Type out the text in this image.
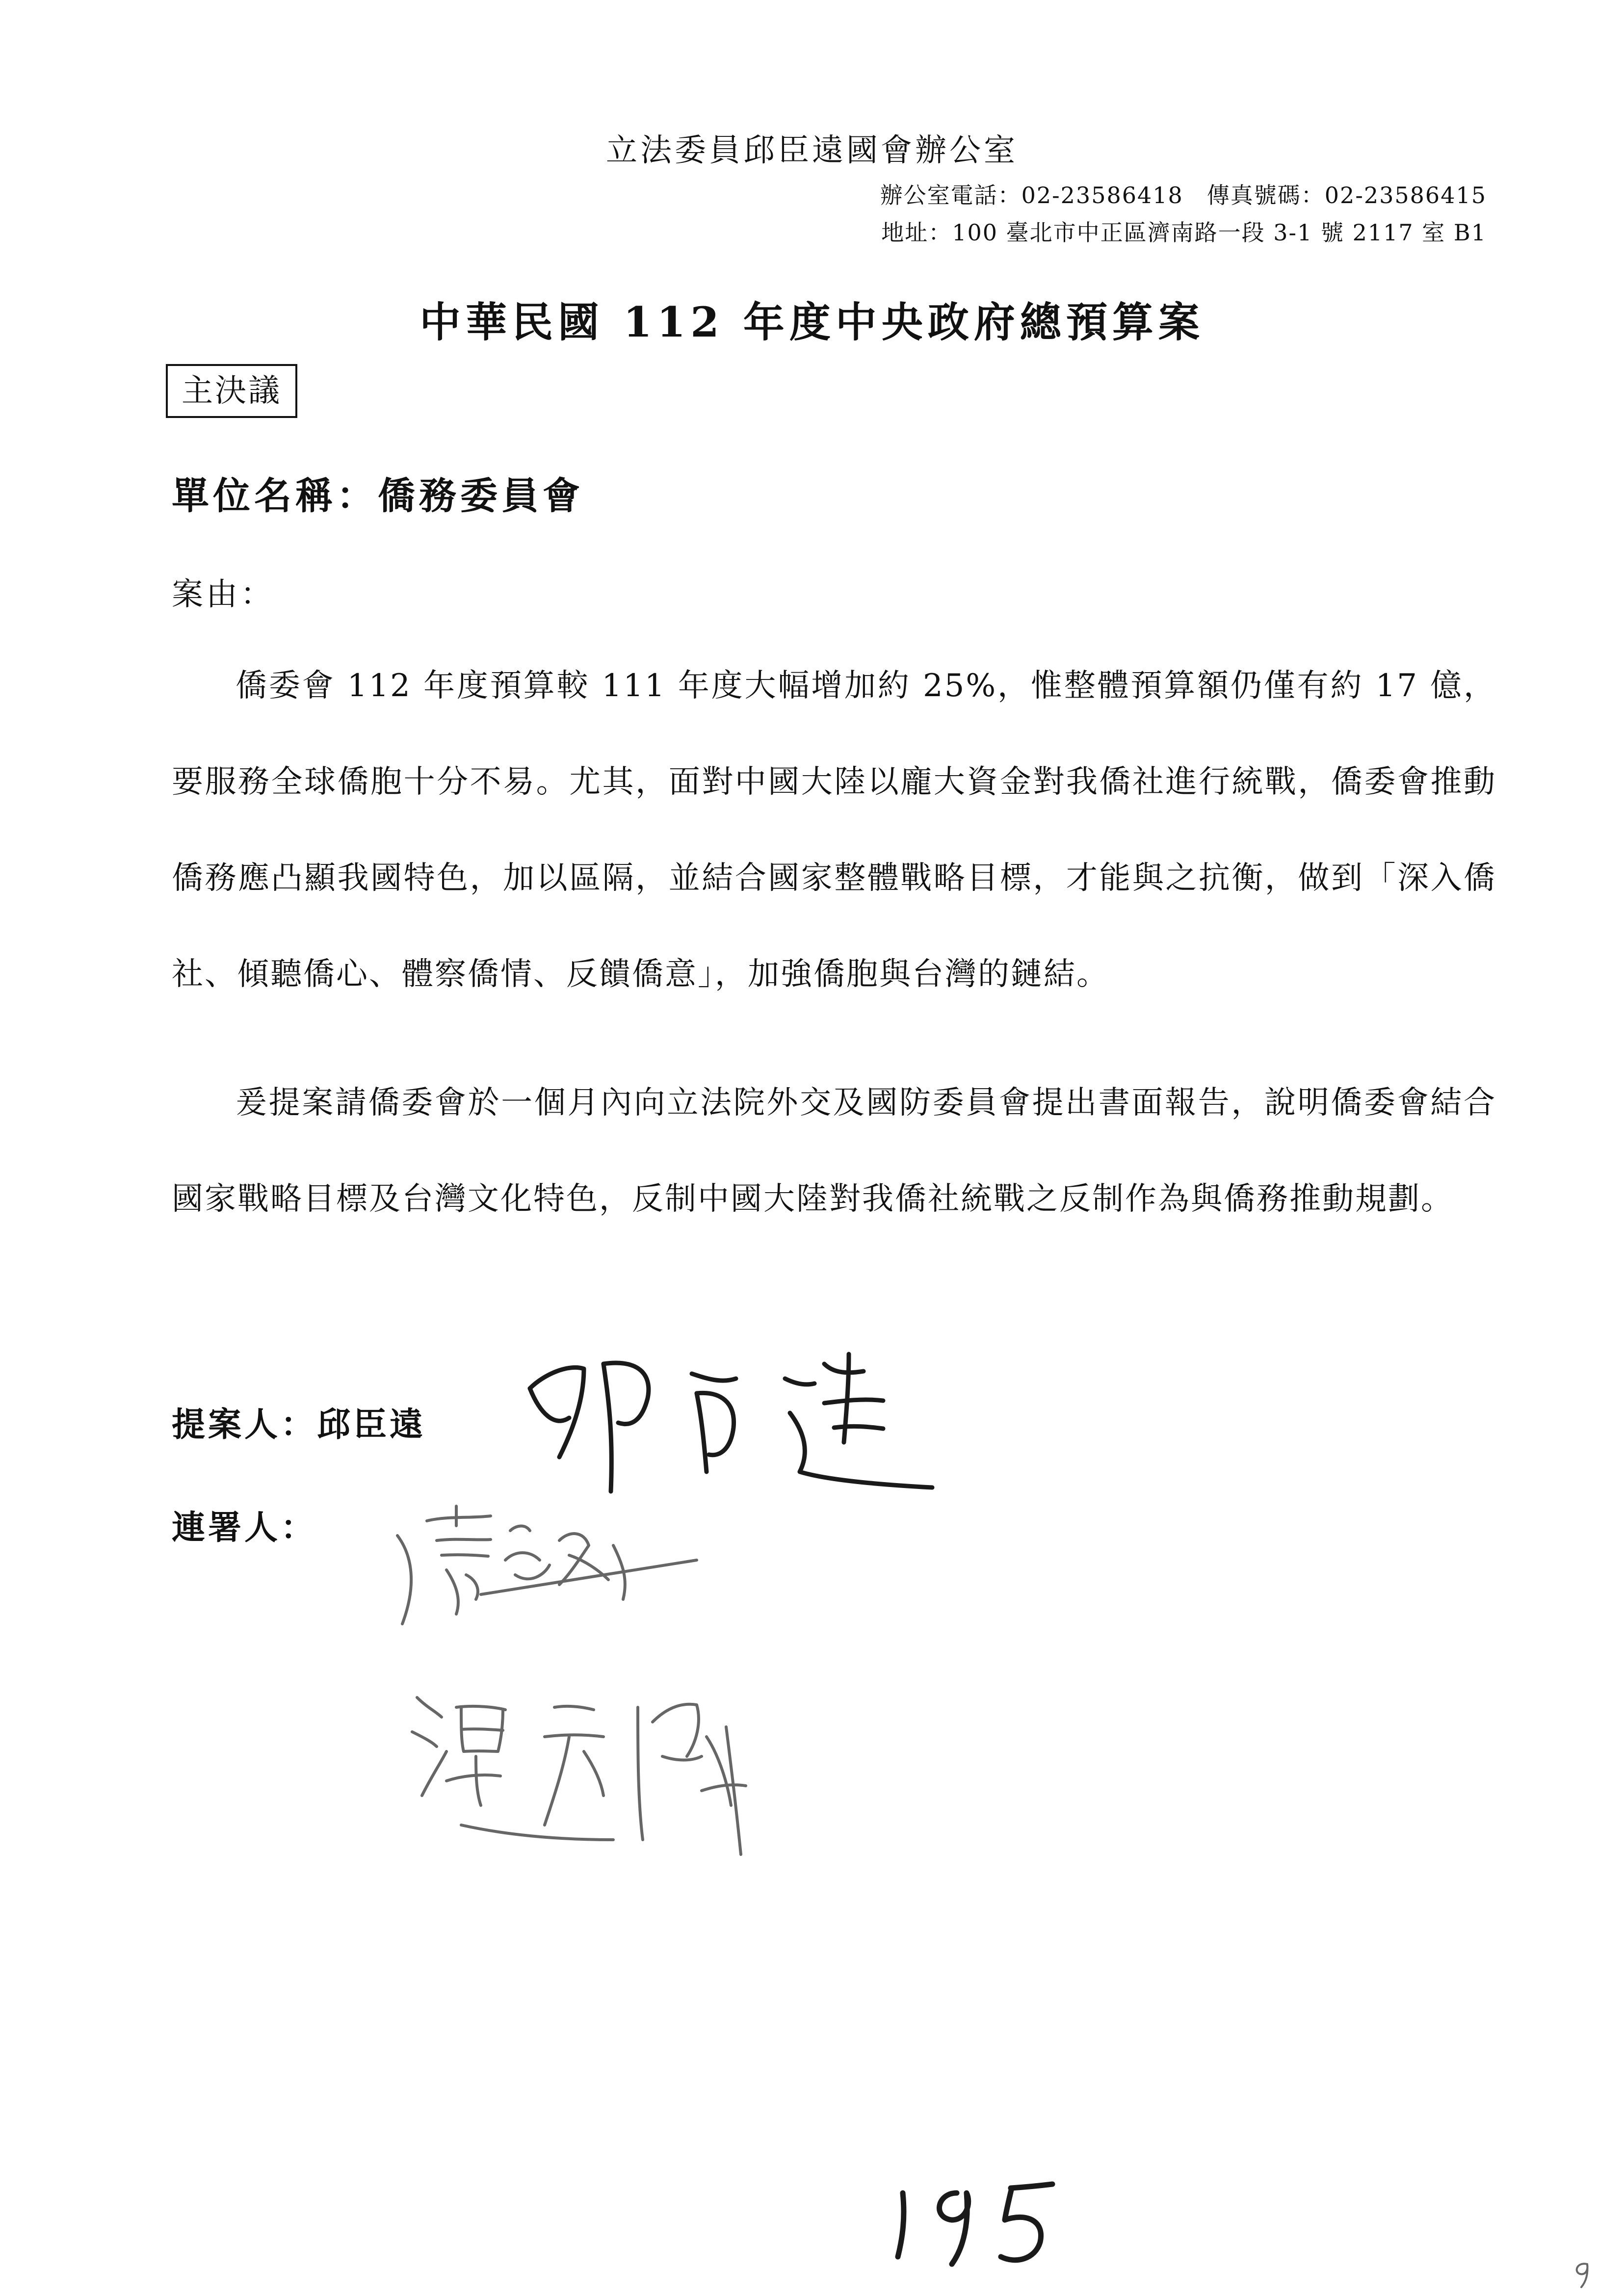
立法委員邱臣遠國會辦公室
辦公室電話：02-23586418　傳真號碼：02-23586415
地址：100 臺北市中正區濟南路一段 3-1 號 2117 室 B1
中華民國 112 年度中央政府總預算案
主決議
單位名稱：僑務委員會
案由：
僑委會 112 年度預算較 111 年度大幅增加約 25%，惟整體預算額仍僅有約 17 億，要服務全球僑胞十分不易。尤其，面對中國大陸以龐大資金對我僑社進行統戰，僑委會推動僑務應凸顯我國特色，加以區隔，並結合國家整體戰略目標，才能與之抗衡，做到「深入僑社、傾聽僑心、體察僑情、反饋僑意」，加強僑胞與台灣的鏈結。
爰提案請僑委會於一個月內向立法院外交及國防委員會提出書面報告，說明僑委會結合國家戰略目標及台灣文化特色，反制中國大陸對我僑社統戰之反制作為與僑務推動規劃。
提案人：邱臣遠
連署人：
